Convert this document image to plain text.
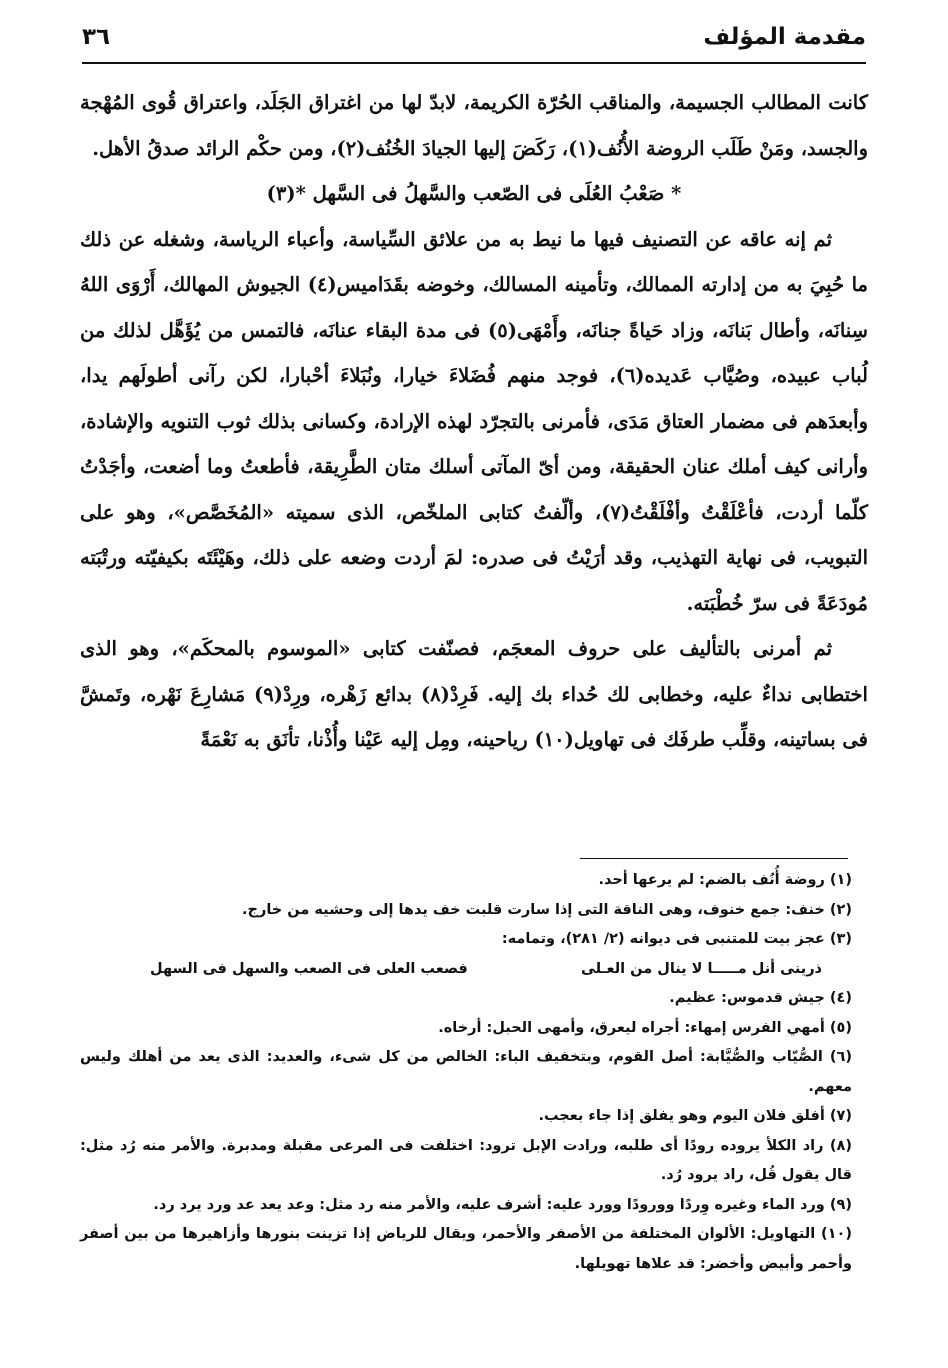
مقدمة المؤلف
٣٦

كانت المطالب الجسيمة، والمناقب الحُرّة الكريمة، لابدّ لها من اغتراق الجَلَد، واعتراق قُوى المُهْجة والجسد، ومَنْ طَلَب الروضة الأُنُف(١)، رَكَضَ إليها الجيادَ الخُنُف(٢)، ومن حكْم الرائد صدقُ الأهل.

* صَعْبُ العُلَى فى الصّعب والسَّهلُ فى السَّهل *(٣)

ثم إنه عاقه عن التصنيف فيها ما نيط به من علائق السِّياسة، وأعباء الرياسة، وشغله عن ذلك ما حُبِيَ به من إدارته الممالك، وتأمينه المسالك، وخوضه بقَدَاميس(٤) الجيوش المهالك، أَرْوَى اللهُ سِنانَه، وأطال بَنانَه، وزاد حَياةً جنانَه، وأَمْهَى(٥) فى مدة البقاء عنانَه، فالتمس من يُؤَهَّل لذلك من لُباب عبيده، وصُيَّاب عَديده(٦)، فوجد منهم فُضَلاءَ خيارا، ونُبَلاءَ أحْبارا، لكن رآنى أطولَهم يدا، وأبعدَهم فى مضمار العتاق مَدَى، فأمرنى بالتجرّد لهذه الإرادة، وكسانى بذلك ثوب التنويه والإشادة، وأرانى كيف أملك عنان الحقيقة، ومن أىّ المآتى أسلك متان الطَّرِيقة، فأطعتُ وما أضعت، وأجَدْتُ كلّما أردت، فأعْلَقْتُ وأفْلَقْتُ(٧)، وألّفتُ كتابى الملخّص، الذى سميته «المُخَصَّص»، وهو على التبويب، فى نهاية التهذيب، وقد أرَيْتُ فى صدره: لمَ أردت وضعه على ذلك، وهَيْئَتَه بكيفيّته ورتْبَته مُودَعَةً فى سرّ خُطْبَته.

ثم أمرنى بالتأليف على حروف المعجَم، فصنّفت كتابى «الموسوم بالمحكَم»، وهو الذى اختطابى نداءٌ عليه، وخطابى لك حُداء بك إليه. فَرِدْ(٨) بدائع زَهْره، ورِدْ(٩) مَشارِعَ نَهْره، وتَمشَّ فى بساتينه، وقلِّب طرفَك فى تهاويل(١٠) رياحينه، ومِل إليه عَيْنا وأُذْنا، تأنَق به نَعْمَةً

(١) روضة أُنُف بالضم: لم يرعها أحد.

(٢) خنف: جمع خنوف، وهى الناقة التى إذا سارت قلبت خف يدها إلى وحشيه من خارج.

(٣) عجز بيت للمتنبى فى ديوانه (٢/ ٢٨١)، وتمامه:

ذرينى أنل مـــــا لا ينال من العـلى
فصعب العلى فى الصعب والسهل فى السهل

(٤) جيش قدموس: عظيم.

(٥) أمهي الفرس إمهاء: أجراه ليعرق، وأمهى الحبل: أرخاه.

(٦) الصُّيّاب والصُّيَّابة: أصل القوم، وبتخفيف الباء: الخالص من كل شىء، والعديد: الذى يعد من أهلك وليس معهم.

(٧) أفلق فلان اليوم وهو يفلق إذا جاء بعجب.

(٨) راد الكلأ يروده رودًا أى طلبه، ورادت الإبل ترود: اختلفت فى المرعى مقبلة ومدبرة. والأمر منه رُد مثل: قال يقول قُل، راد يرود رُد.

(٩) ورد الماء وغيره وِردًا وورودًا وورد عليه: أشرف عليه، والأمر منه رد مثل: وعد يعد عد ورد يرد رد.

(١٠) التهاويل: الألوان المختلفة من الأصفر والأحمر، ويقال للرياض إذا تزينت بنورها وأزاهيرها من بين أصفر وأحمر وأبيض وأخضر: قد علاها تهويلها.
